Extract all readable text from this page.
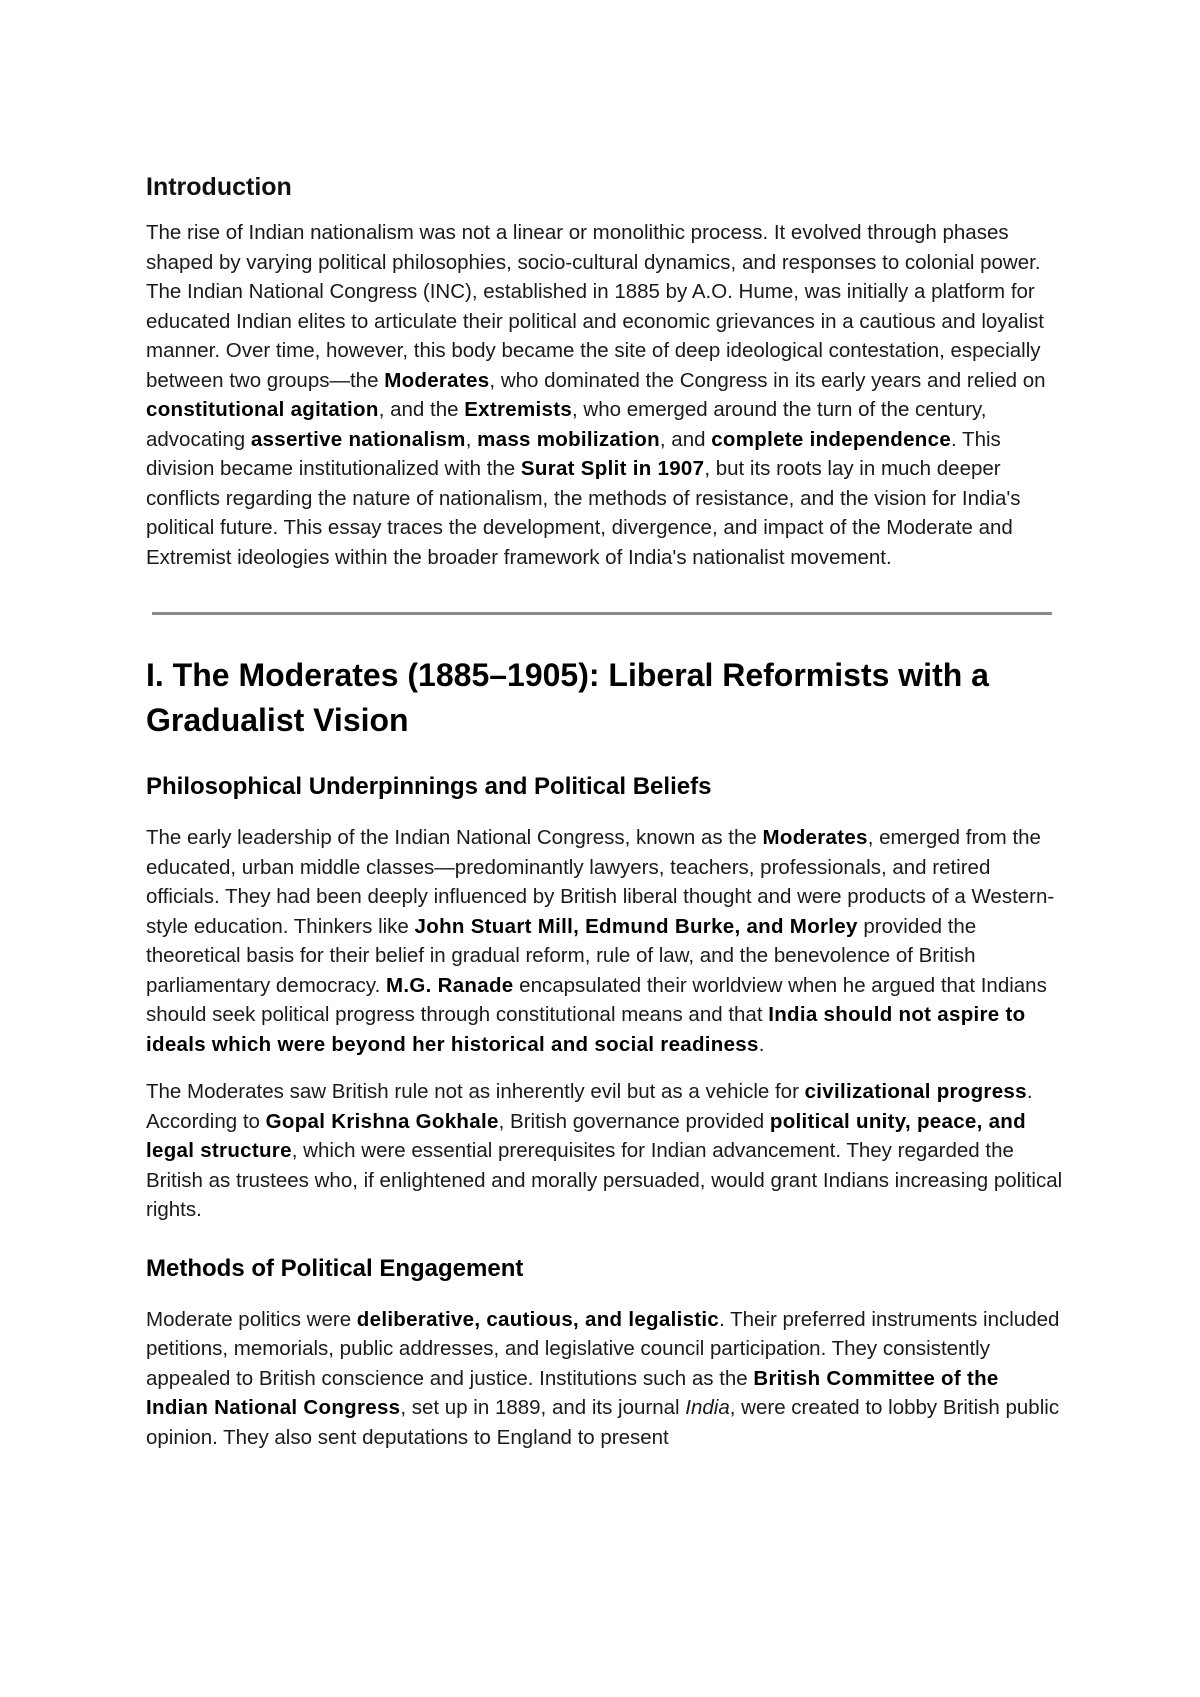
Introduction

The rise of Indian nationalism was not a linear or monolithic process. It evolved through phases shaped by varying political philosophies, socio-cultural dynamics, and responses to colonial power. The Indian National Congress (INC), established in 1885 by A.O. Hume, was initially a platform for educated Indian elites to articulate their political and economic grievances in a cautious and loyalist manner. Over time, however, this body became the site of deep ideological contestation, especially between two groups—the Moderates, who dominated the Congress in its early years and relied on constitutional agitation, and the Extremists, who emerged around the turn of the century, advocating assertive nationalism, mass mobilization, and complete independence. This division became institutionalized with the Surat Split in 1907, but its roots lay in much deeper conflicts regarding the nature of nationalism, the methods of resistance, and the vision for India's political future. This essay traces the development, divergence, and impact of the Moderate and Extremist ideologies within the broader framework of India's nationalist movement.

I. The Moderates (1885–1905): Liberal Reformists with a Gradualist Vision
Philosophical Underpinnings and Political Beliefs

The early leadership of the Indian National Congress, known as the Moderates, emerged from the educated, urban middle classes—predominantly lawyers, teachers, professionals, and retired officials. They had been deeply influenced by British liberal thought and were products of a Western-style education. Thinkers like John Stuart Mill, Edmund Burke, and Morley provided the theoretical basis for their belief in gradual reform, rule of law, and the benevolence of British parliamentary democracy. M.G. Ranade encapsulated their worldview when he argued that Indians should seek political progress through constitutional means and that India should not aspire to ideals which were beyond her historical and social readiness.

The Moderates saw British rule not as inherently evil but as a vehicle for civilizational progress. According to Gopal Krishna Gokhale, British governance provided political unity, peace, and legal structure, which were essential prerequisites for Indian advancement. They regarded the British as trustees who, if enlightened and morally persuaded, would grant Indians increasing political rights.

Methods of Political Engagement

Moderate politics were deliberative, cautious, and legalistic. Their preferred instruments included petitions, memorials, public addresses, and legislative council participation. They consistently appealed to British conscience and justice. Institutions such as the British Committee of the Indian National Congress, set up in 1889, and its journal India, were created to lobby British public opinion. They also sent deputations to England to present
